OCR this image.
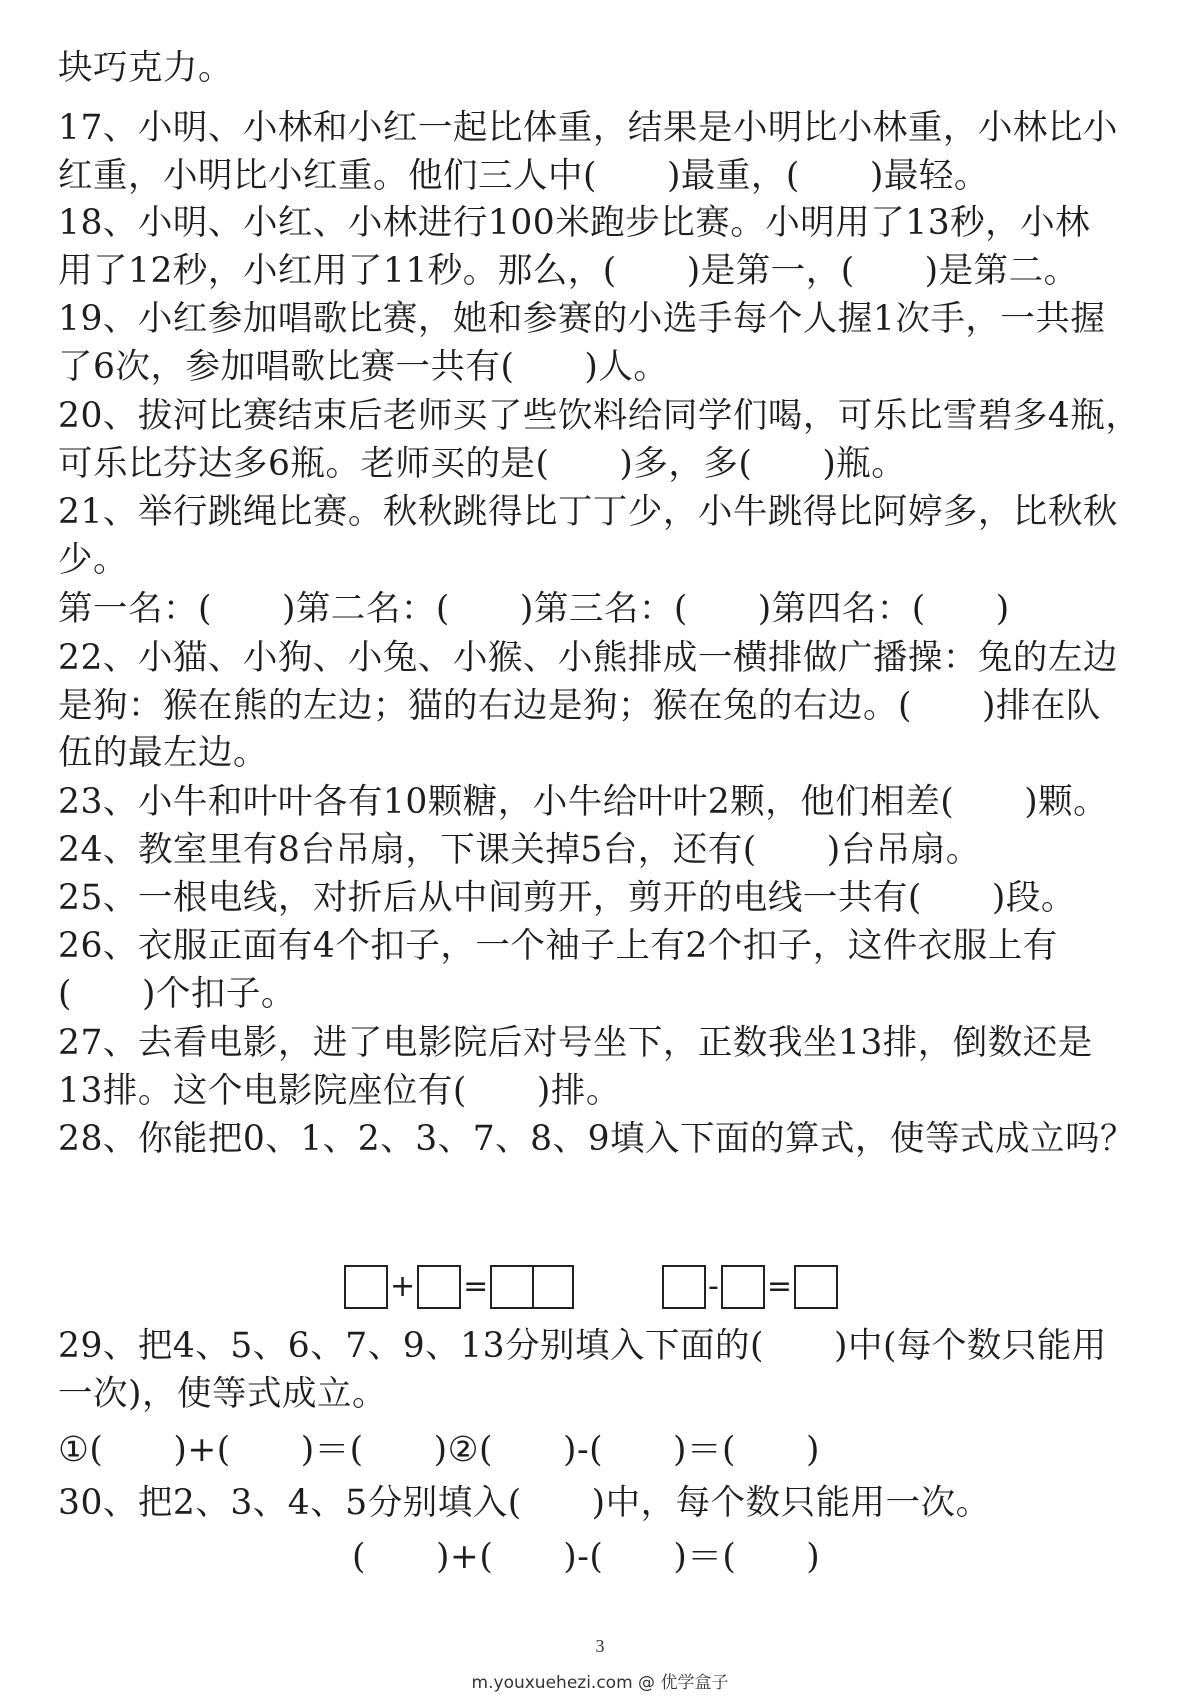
块巧克力。
17、小明、小林和小红一起比体重，结果是小明比小林重，小林比小
红重，小明比小红重。他们三人中(　　)最重，(　　)最轻。
18、小明、小红、小林进行100米跑步比赛。小明用了13秒，小林
用了12秒，小红用了11秒。那么，(　　)是第一，(　　)是第二。
19、小红参加唱歌比赛，她和参赛的小选手每个人握1次手，一共握
了6次，参加唱歌比赛一共有(　　)人。
20、拔河比赛结束后老师买了些饮料给同学们喝，可乐比雪碧多4瓶，
可乐比芬达多6瓶。老师买的是(　　)多，多(　　)瓶。
21、举行跳绳比赛。秋秋跳得比丁丁少，小牛跳得比阿婷多，比秋秋
少。
第一名：(　　)第二名：(　　)第三名：(　　)第四名：(　　)
22、小猫、小狗、小兔、小猴、小熊排成一横排做广播操：兔的左边
是狗：猴在熊的左边；猫的右边是狗；猴在兔的右边。(　　)排在队
伍的最左边。
23、小牛和叶叶各有10颗糖，小牛给叶叶2颗，他们相差(　　)颗。
24、教室里有8台吊扇，下课关掉5台，还有(　　)台吊扇。
25、一根电线，对折后从中间剪开，剪开的电线一共有(　　)段。
26、衣服正面有4个扣子，一个袖子上有2个扣子，这件衣服上有
(　　)个扣子。
27、去看电影，进了电影院后对号坐下，正数我坐13排，倒数还是
13排。这个电影院座位有(　　)排。
28、你能把0、1、2、3、7、8、9填入下面的算式，使等式成立吗？
+ =	- =
29、把4、5、6、7、9、13分别填入下面的(　　)中(每个数只能用
一次)，使等式成立。
①(　　)+(　　)＝(　　)②(　　)-(　　)＝(　　)
30、把2、3、4、5分别填入(　　)中，每个数只能用一次。
(　　)+(　　)-(　　)＝(　　)
3
m.youxuehezi.com @ 优学盒子
